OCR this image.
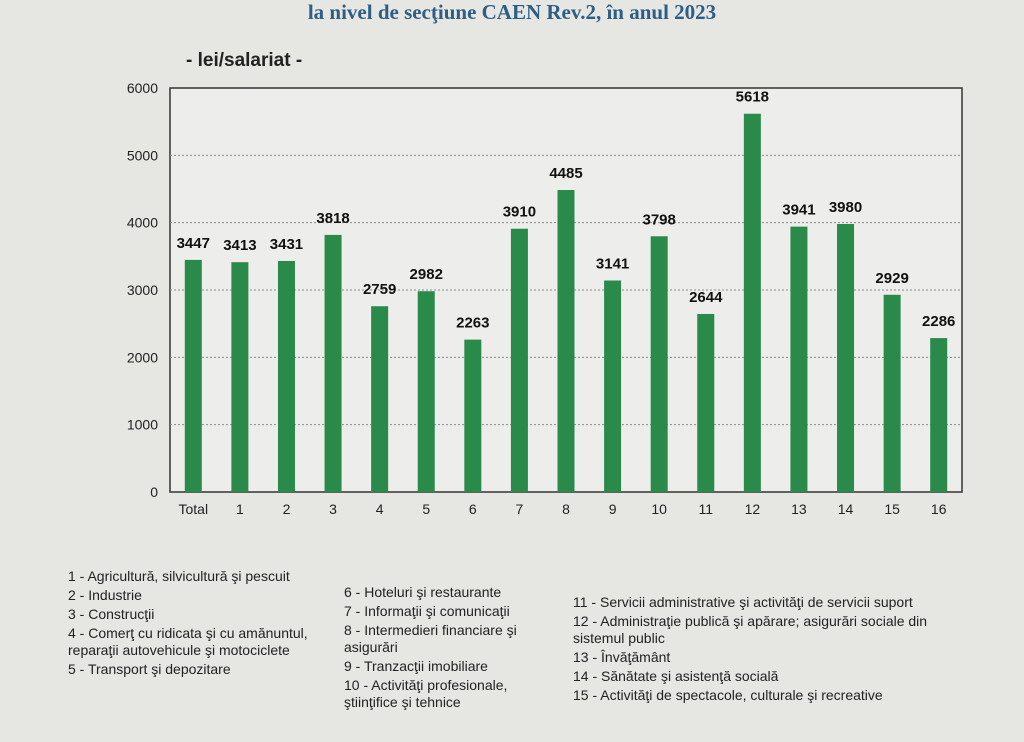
la nivel de secţiune CAEN Rev.2, în anul 2023
- lei/salariat -
0
1000
2000
3000
4000
5000
6000
3447
Total
3413
1
3431
2
3818
3
2759
4
2982
5
2263
6
3910
7
4485
8
3141
9
3798
10
2644
11
5618
12
3941
13
3980
14
2929
15
2286
16
1 - Agricultură, silvicultură şi pescuit
2 - Industrie
3 - Construcţii
4 - Comerţ cu ridicata şi cu amănuntul, reparaţii autovehicule şi motociclete
5 - Transport şi depozitare
6 - Hoteluri şi restaurante
7 - Informaţii şi comunicaţii
8 - Intermedieri financiare şi asigurări
9 - Tranzacţii imobiliare
10 - Activităţi profesionale, ştiinţifice şi tehnice
11 - Servicii administrative şi activităţi de servicii suport
12 - Administraţie publică şi apărare; asigurări sociale din sistemul public
13 - Învăţământ
14 - Sănătate şi asistenţă socială
15 - Activităţi de spectacole, culturale şi recreative
